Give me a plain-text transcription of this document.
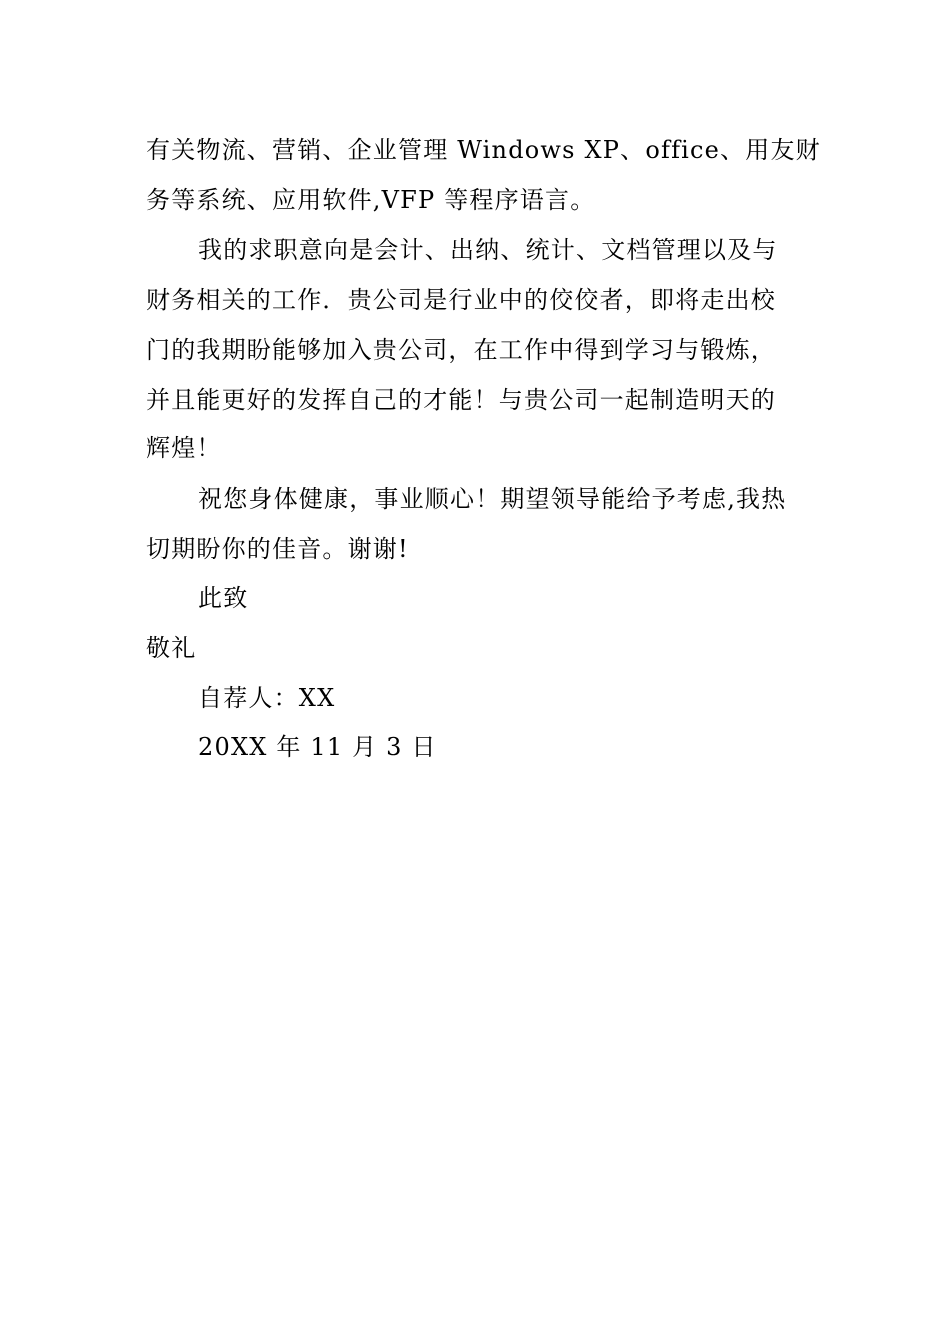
有关物流、营销、企业管理 Windows XP、office、用友财
务等系统、应用软件,VFP 等程序语言。
我的求职意向是会计、出纳、统计、文档管理以及与
财务相关的工作．贵公司是行业中的佼佼者，即将走出校
门的我期盼能够加入贵公司，在工作中得到学习与锻炼，
并且能更好的发挥自己的才能！与贵公司一起制造明天的
辉煌！
祝您身体健康，事业顺心！期望领导能给予考虑,我热
切期盼你的佳音。谢谢!
此致
敬礼
自荐人：XX
20XX 年 11 月 3 日
